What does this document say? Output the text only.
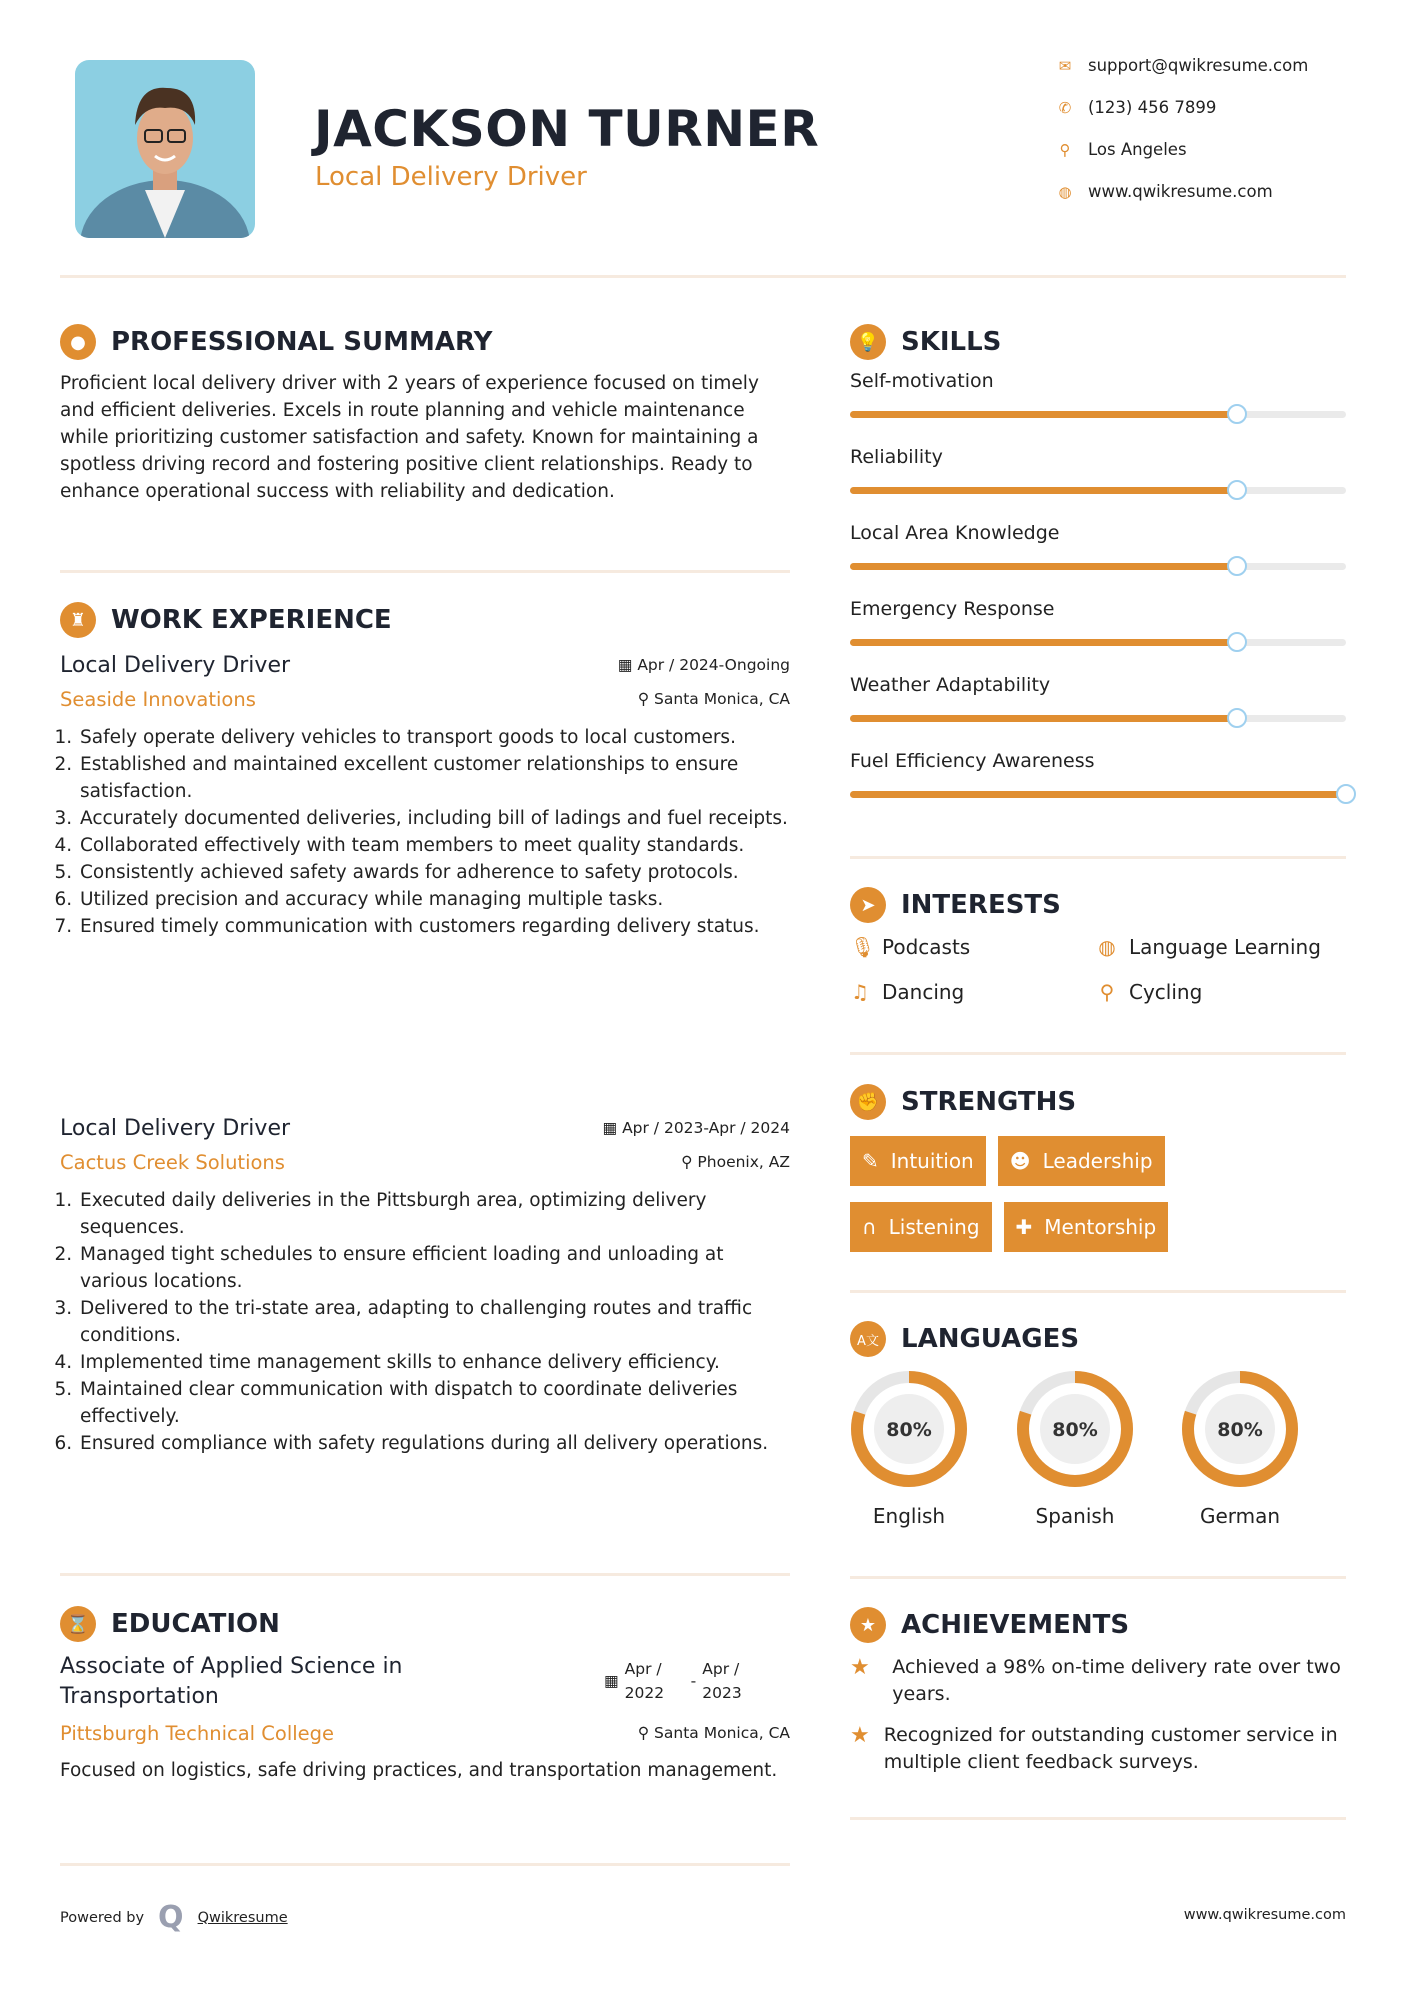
JACKSON TURNER
Local Delivery Driver
● PROFESSIONAL SUMMARY
Proficient local delivery driver with 2 years of experience focused on timely and efficient deliveries. Excels in route planning and vehicle maintenance while prioritizing customer satisfaction and safety. Known for maintaining a spotless driving record and fostering positive client relationships. Ready to enhance operational success with reliability and dedication.
♜ WORK EXPERIENCE
Local Delivery Driver	▦ Apr / 2024-Ongoing
Seaside Innovations	⚲ Santa Monica, CA
1. Safely operate delivery vehicles to transport goods to local customers.
2. Established and maintained excellent customer relationships to ensure satisfaction.
3. Accurately documented deliveries, including bill of ladings and fuel receipts.
4. Collaborated effectively with team members to meet quality standards.
5. Consistently achieved safety awards for adherence to safety protocols.
6. Utilized precision and accuracy while managing multiple tasks.
7. Ensured timely communication with customers regarding delivery status.
Local Delivery Driver	▦ Apr / 2023-Apr / 2024
Cactus Creek Solutions	⚲ Phoenix, AZ
1. Executed daily deliveries in the Pittsburgh area, optimizing delivery sequences.
2. Managed tight schedules to ensure efficient loading and unloading at various locations.
3. Delivered to the tri-state area, adapting to challenging routes and traffic conditions.
4. Implemented time management skills to enhance delivery efficiency.
5. Maintained clear communication with dispatch to coordinate deliveries effectively.
6. Ensured compliance with safety regulations during all delivery operations.
⌛ EDUCATION
Associate of Applied Science in Transportation
▦
Apr / 2022
-
Apr / 2023
Pittsburgh Technical College	⚲ Santa Monica, CA
Focused on logistics, safe driving practices, and transportation management.
Powered by Q Qwikresume	www.qwikresume.com
💡 SKILLS
Self-motivation
Reliability
Local Area Knowledge
Emergency Response
Weather Adaptability
Fuel Efficiency Awareness
➤ INTERESTS
✊ STRENGTHS
✎ Intuition ☻ Leadership
∩ Listening ✚ Mentorship
A文 LANGUAGES
★ ACHIEVEMENTS
★	Achieved a 98% on-time delivery rate over two years.
★ Recognized for outstanding customer service in multiple client feedback surveys.
✉ support@qwikresume.com
✆ (123) 456 7899
⚲ Los Angeles
◍ www.qwikresume.com
🎙 Podcasts	◍ Language Learning
♫ Dancing	⚲ Cycling
80%
English
80%
Spanish
80%
German
